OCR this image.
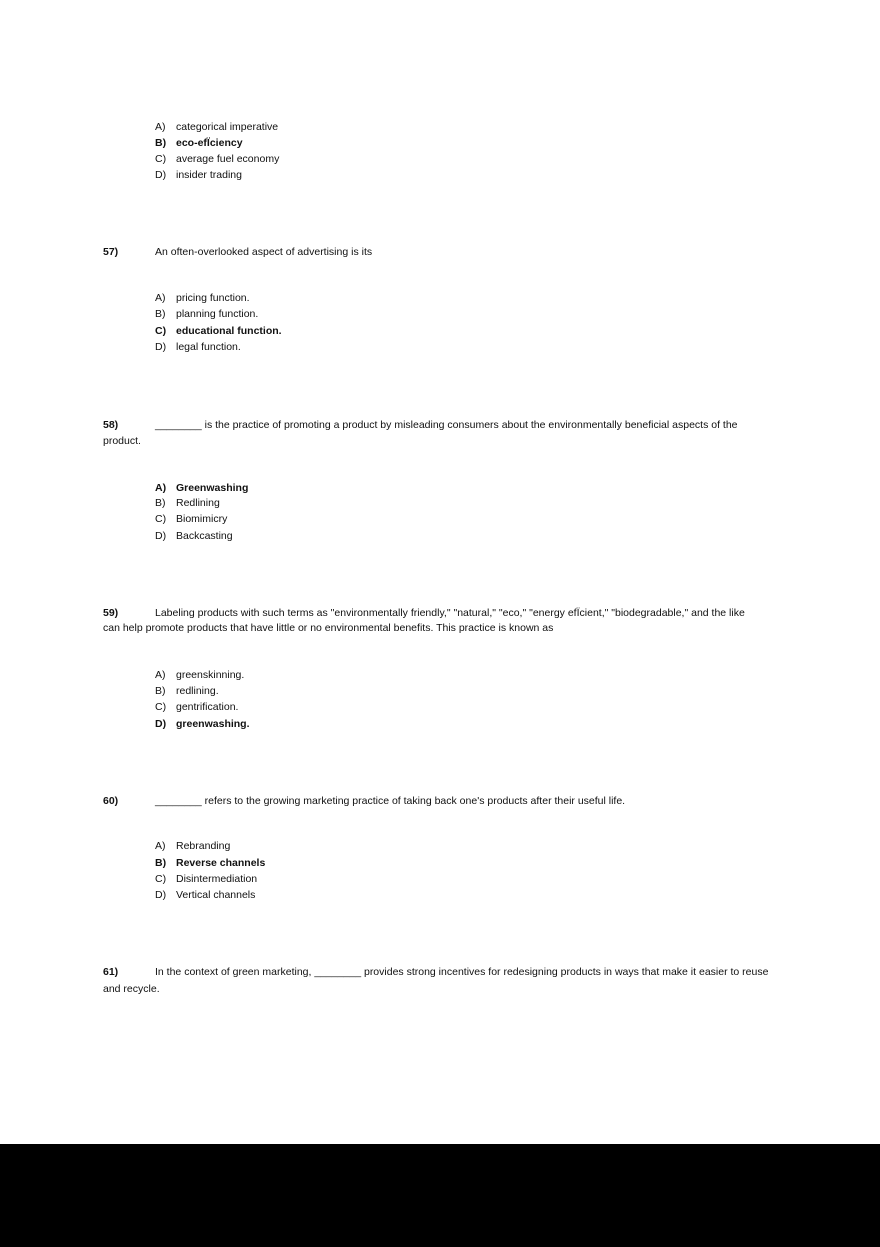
A) categorical imperative
B) eco-efÏciency
C) average fuel economy
D) insider trading
57)	An often-overlooked aspect of advertising is its
A) pricing function.
B) planning function.
C) educational function.
D) legal function.
58)	________ is the practice of promoting a product by misleading consumers about the environmentally beneficial aspects of the
product.
A) Greenwashing
B) Redlining
C) Biomimicry
D) Backcasting
59)	Labeling products with such terms as "environmentally friendly," "natural," "eco," "energy efÏcient," "biodegradable," and the like
can help promote products that have little or no environmental benefits. This practice is known as
A) greenskinning.
B) redlining.
C) gentrification.
D) greenwashing.
60)	________ refers to the growing marketing practice of taking back one's products after their useful life.
A) Rebranding
B) Reverse channels
C) Disintermediation
D) Vertical channels
61)	In the context of green marketing, ________ provides strong incentives for redesigning products in ways that make it easier to reuse
and recycle.
